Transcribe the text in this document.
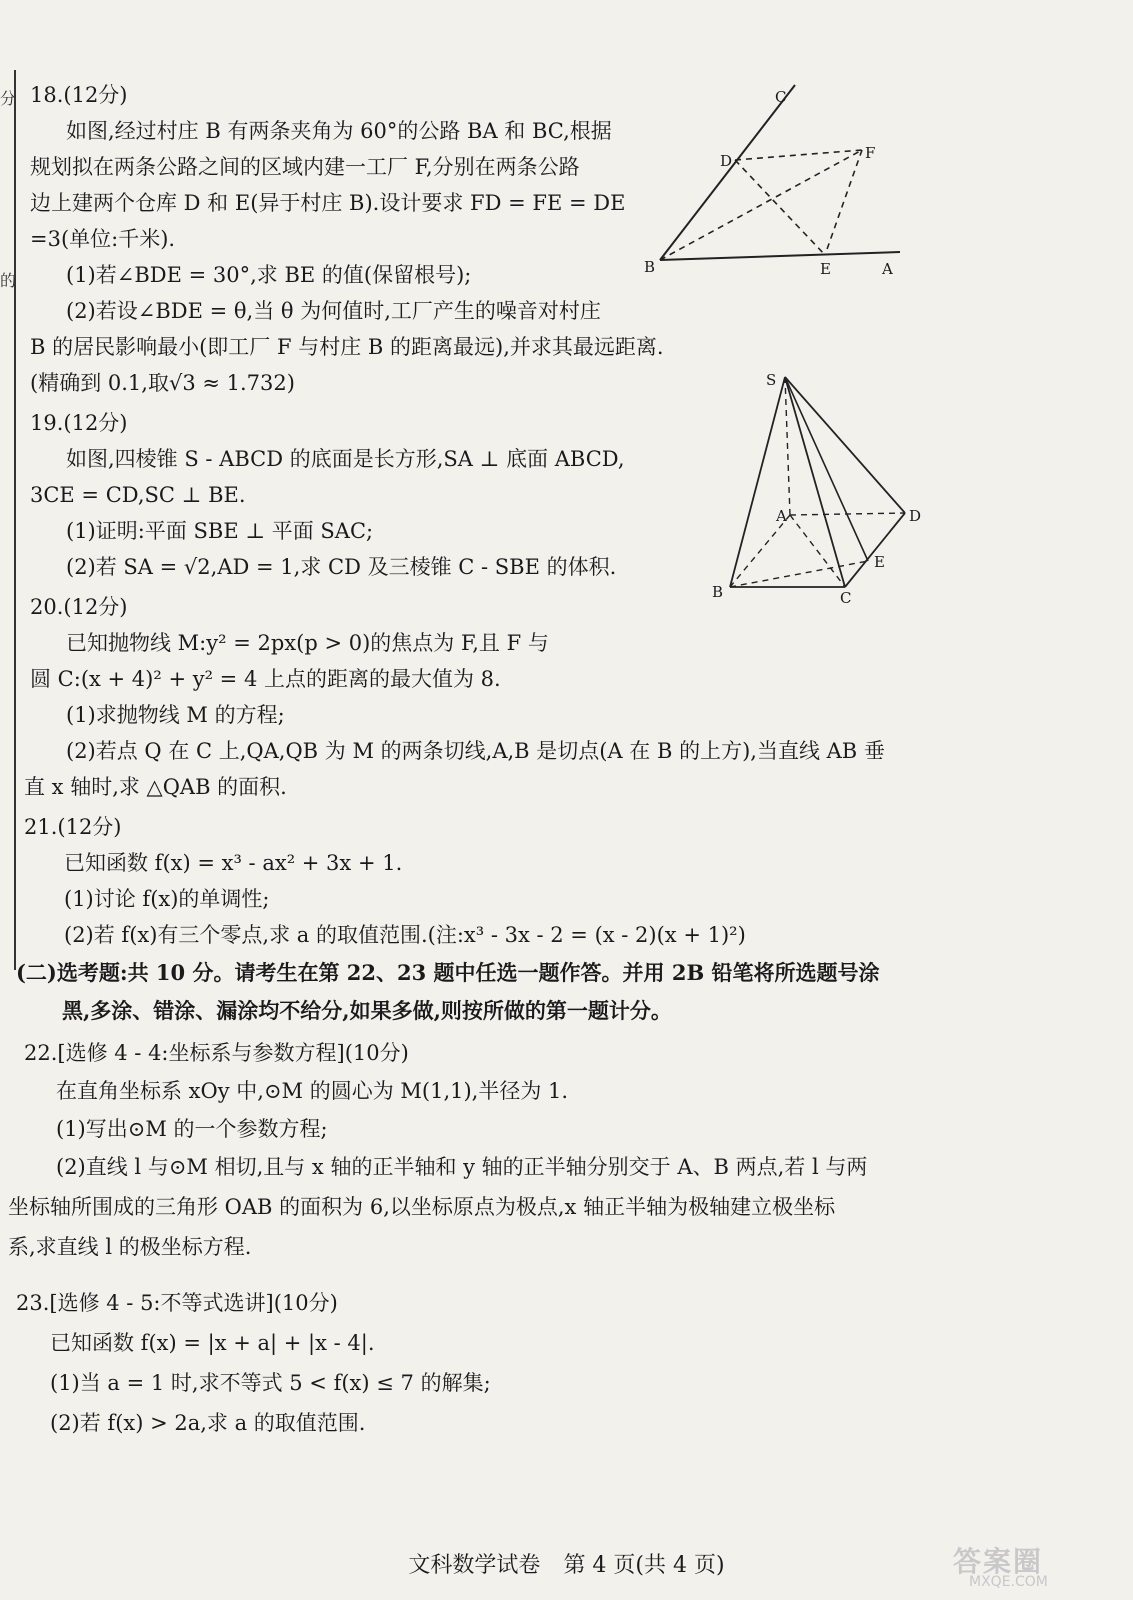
分
的
18.(12分)
如图,经过村庄 B 有两条夹角为 60°的公路 BA 和 BC,根据
规划拟在两条公路之间的区域内建一工厂 F,分别在两条公路
边上建两个仓库 D 和 E(异于村庄 B).设计要求 FD = FE = DE
=3(单位:千米).
(1)若∠BDE = 30°,求 BE 的值(保留根号);
(2)若设∠BDE = θ,当 θ 为何值时,工厂产生的噪音对村庄
B 的居民影响最小(即工厂 F 与村庄 B 的距离最远),并求其最远距离.
(精确到 0.1,取√3 ≈ 1.732)
19.(12分)
如图,四棱锥 S - ABCD 的底面是长方形,SA ⊥ 底面 ABCD,
3CE = CD,SC ⊥ BE.
(1)证明:平面 SBE ⊥ 平面 SAC;
(2)若 SA = √2,AD = 1,求 CD 及三棱锥 C - SBE 的体积.
20.(12分)
已知抛物线 M:y² = 2px(p > 0)的焦点为 F,且 F 与
圆 C:(x + 4)² + y² = 4 上点的距离的最大值为 8.
(1)求抛物线 M 的方程;
(2)若点 Q 在 C 上,QA,QB 为 M 的两条切线,A,B 是切点(A 在 B 的上方),当直线 AB 垂
直 x 轴时,求 △QAB 的面积.
21.(12分)
已知函数 f(x) = x³ - ax² + 3x + 1.
(1)讨论 f(x)的单调性;
(2)若 f(x)有三个零点,求 a 的取值范围.(注:x³ - 3x - 2 = (x - 2)(x + 1)²)
(二)选考题:共 10 分。请考生在第 22、23 题中任选一题作答。并用 2B 铅笔将所选题号涂
黑,多涂、错涂、漏涂均不给分,如果多做,则按所做的第一题计分。
22.[选修 4 - 4:坐标系与参数方程](10分)
在直角坐标系 xOy 中,⊙M 的圆心为 M(1,1),半径为 1.
(1)写出⊙M 的一个参数方程;
(2)直线 l 与⊙M 相切,且与 x 轴的正半轴和 y 轴的正半轴分别交于 A、B 两点,若 l 与两
坐标轴所围成的三角形 OAB 的面积为 6,以坐标原点为极点,x 轴正半轴为极轴建立极坐标
系,求直线 l 的极坐标方程.
23.[选修 4 - 5:不等式选讲](10分)
已知函数 f(x) = |x + a| + |x - 4|.
(1)当 a = 1 时,求不等式 5 < f(x) ≤ 7 的解集;
(2)若 f(x) > 2a,求 a 的取值范围.
C
D	F
B	E	A
S
A	D
E
B	C
文科数学试卷 第 4 页(共 4 页)	答案圈
MXQE.COM
